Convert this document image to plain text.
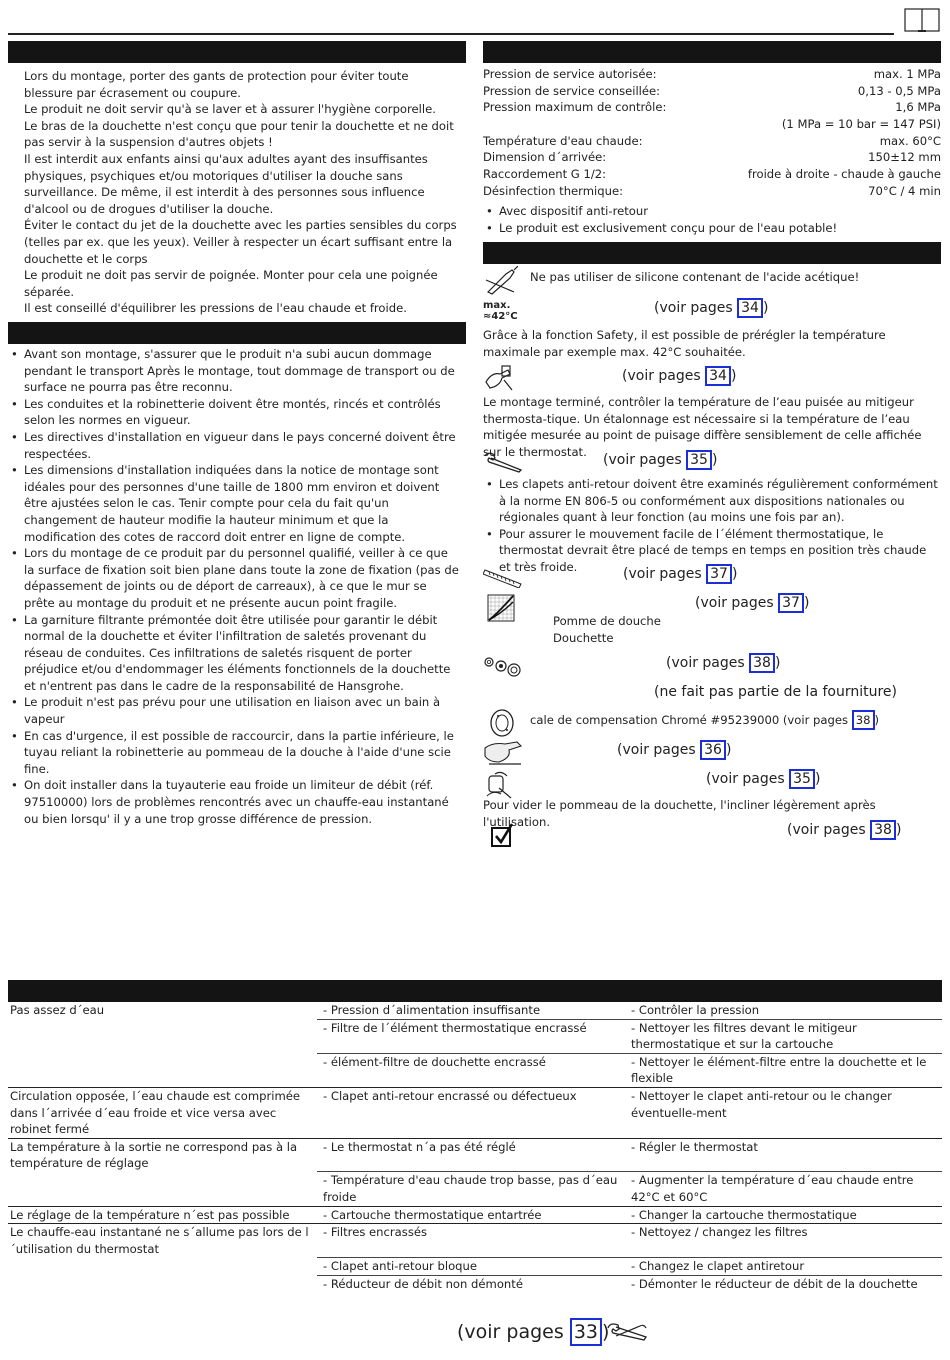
Lors du montage, porter des gants de protection pour éviter toute blessure par écrasement ou coupure.

Le produit ne doit servir qu'à se laver et à assurer l'hygiène corporelle.

Le bras de la douchette n'est conçu que pour tenir la douchette et ne doit pas servir à la suspension d'autres objets !

Il est interdit aux enfants ainsi qu'aux adultes ayant des insuffisantes physiques, psychiques et/ou motoriques d'utiliser la douche sans surveillance. De même, il est interdit à des personnes sous influence d'alcool ou de drogues d'utiliser la douche.

Éviter le contact du jet de la douchette avec les parties sensibles du corps (telles par ex. que les yeux). Veiller à respecter un écart suffisant entre la douchette et le corps

Le produit ne doit pas servir de poignée. Monter pour cela une poignée séparée.

Il est conseillé d'équilibrer les pressions de l'eau chaude et froide.

• Avant son montage, s'assurer que le produit n'a subi aucun dommage pendant le transport Après le montage, tout dommage de transport ou de surface ne pourra pas être reconnu.
• Les conduites et la robinetterie doivent être montés, rincés et contrôlés selon les normes en vigueur.
• Les directives d'installation en vigueur dans le pays concerné doivent être respectées.
• Les dimensions d'installation indiquées dans la notice de montage sont idéales pour des personnes d'une taille de 1800 mm environ et doivent être ajustées selon le cas. Tenir compte pour cela du fait qu'un changement de hauteur modifie la hauteur minimum et que la modification des cotes de raccord doit entrer en ligne de compte.
• Lors du montage de ce produit par du personnel qualifié, veiller à ce que la surface de fixation soit bien plane dans toute la zone de fixation (pas de dépassement de joints ou de déport de carreaux), à ce que le mur se prête au montage du produit et ne présente aucun point fragile.
• La garniture filtrante prémontée doit être utilisée pour garantir le débit normal de la douchette et éviter l'infiltration de saletés provenant du réseau de conduites. Ces infiltrations de saletés risquent de porter préjudice et/ou d'endommager les éléments fonctionnels de la douchette et n'entrent pas dans le cadre de la responsabilité de Hansgrohe.
• Le produit n'est pas prévu pour une utilisation en liaison avec un bain à vapeur
• En cas d'urgence, il est possible de raccourcir, dans la partie inférieure, le tuyau reliant la robinetterie au pommeau de la douche à l'aide d'une scie fine.
• On doit installer dans la tuyauterie eau froide un limiteur de débit (réf. 97510000) lors de problèmes rencontrés avec un chauffe-eau instantané ou bien lorsqu' il y a une trop grosse différence de pression.
Pression de service autorisée:	max. 1 MPa
Pression de service conseillée:	0,13 - 0,5 MPa
Pression maximum de contrôle:	1,6 MPa
(1 MPa = 10 bar = 147 PSI)
Température d'eau chaude:	max. 60°C
Dimension d´arrivée:	150±12 mm
Raccordement G 1/2:	froide à droite - chaude à gauche
Désinfection thermique:	70°C / 4 min
• Avec dispositif anti-retour
• Le produit est exclusivement conçu pour de l'eau potable!
Ne pas utiliser de silicone contenant de l'acide acétique!
max.
≈42°C
(voir pages 34 )
Grâce à la fonction Safety, il est possible de prérégler la température maximale par exemple max. 42°C souhaitée.
(voir pages 34 )
Le montage terminé, contrôler la température de l’eau puisée au mitigeur thermosta-tique. Un étalonnage est nécessaire si la température de l’eau mitigée mesurée au point de puisage diffère sensiblement de celle affichée sur le thermostat.
(voir pages 35 )
• Les clapets anti-retour doivent être examinés régulièrement conformément à la norme EN 806-5 ou conformément aux dispositions nationales ou régionales quant à leur fonction (au moins une fois par an).
• Pour assurer le mouvement facile de l´élément thermostatique, le thermostat devrait être placé de temps en temps en position très chaude et très froide.	(voir pages 37 )
(voir pages 37 )
Pomme de douche
Douchette
(voir pages 38 )
(ne fait pas partie de la fourniture)
cale de compensation Chromé #95239000 (voir pages 38 )
(voir pages 36 )
(voir pages 35 )
Pour vider le pommeau de la douchette, l'incliner légèrement après l'utilisation.
(voir pages 38 )
Pas assez d´eau	- Pression d´alimentation insuffisante	- Contrôler la pression
	- Filtre de l´élément thermostatique encrassé	- Nettoyer les filtres devant le mitigeur thermostatique et sur la cartouche
	- élément-filtre de douchette encrassé	- Nettoyer le élément-filtre entre la douchette et le flexible
Circulation opposée, l´eau chaude est comprimée dans l´arrivée d´eau froide et vice versa avec robinet fermé	- Clapet anti-retour encrassé ou défectueux	- Nettoyer le clapet anti-retour ou le changer éventuelle-ment
La température à la sortie ne correspond pas à la température de réglage	- Le thermostat n´a pas été réglé	- Régler le thermostat
	- Température d'eau chaude trop basse, pas d´eau froide	- Augmenter la température d´eau chaude entre 42°C et 60°C
Le réglage de la température n´est pas possible	- Cartouche thermostatique entartrée	- Changer la cartouche thermostatique
Le chauffe-eau instantané ne s´allume pas lors de l´utilisation du thermostat	- Filtres encrassés	- Nettoyez / changez les filtres
	- Clapet anti-retour bloque	- Changez le clapet antiretour
	- Réducteur de débit non démonté	- Démonter le réducteur de débit de la douchette
(voir pages 33 )
